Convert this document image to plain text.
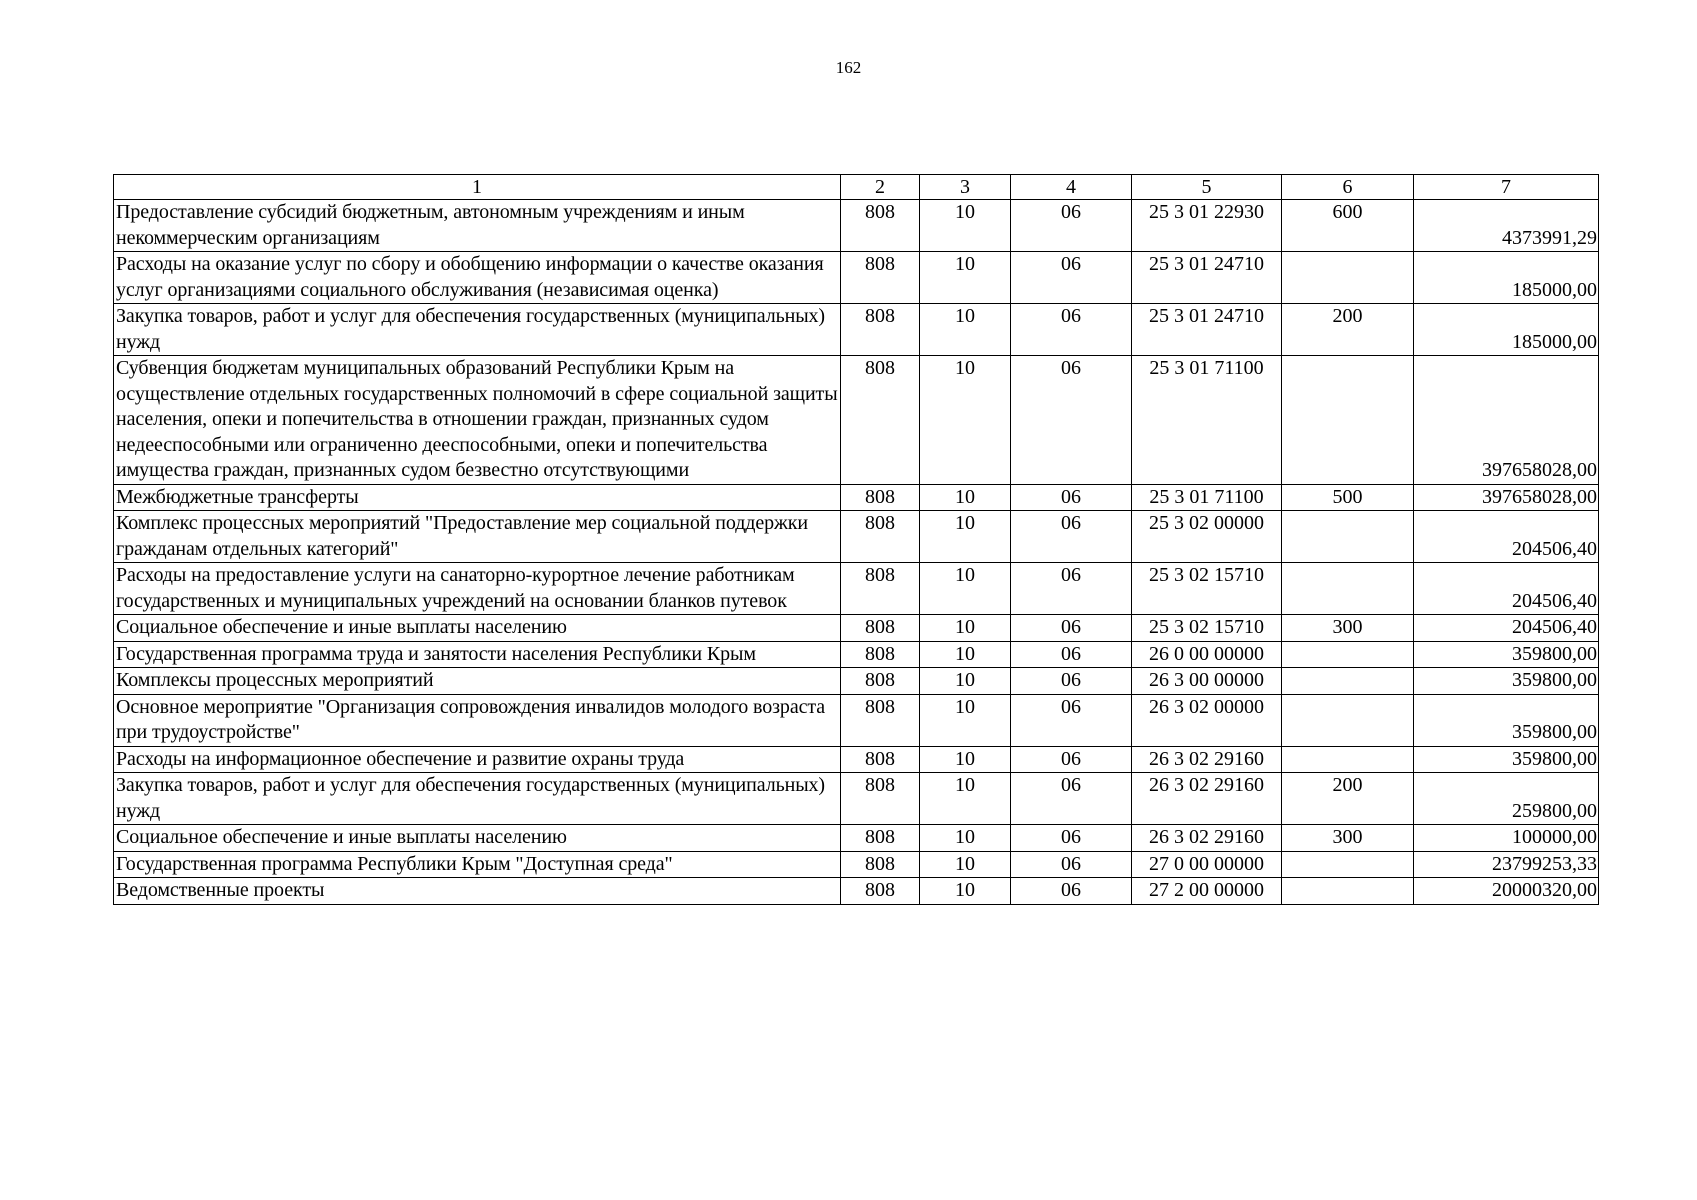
162
1	2	3	4	5	6	7
Предоставление субсидий бюджетным, автономным учреждениям и иным некоммерческим организациям	808	10	06	25 3 01 22930	600	4373991,29
Расходы на оказание услуг по сбору и обобщению информации о качестве оказания услуг организациями социального обслуживания (независимая оценка)	808	10	06	25 3 01 24710		185000,00
Закупка товаров, работ и услуг для обеспечения государственных (муниципальных) нужд	808	10	06	25 3 01 24710	200	185000,00
Субвенция бюджетам муниципальных образований Республики Крым на осуществление отдельных государственных полномочий в сфере социальной защиты населения, опеки и попечительства в отношении граждан, признанных судом недееспособными или ограниченно дееспособными, опеки и попечительства имущества граждан, признанных судом безвестно отсутствующими	808	10	06	25 3 01 71100		397658028,00
Межбюджетные трансферты	808	10	06	25 3 01 71100	500	397658028,00
Комплекс процессных мероприятий "Предоставление мер социальной поддержки гражданам отдельных категорий"	808	10	06	25 3 02 00000		204506,40
Расходы на предоставление услуги на санаторно-курортное лечение работникам государственных и муниципальных учреждений на основании бланков путевок	808	10	06	25 3 02 15710		204506,40
Социальное обеспечение и иные выплаты населению	808	10	06	25 3 02 15710	300	204506,40
Государственная программа труда и занятости населения Республики Крым	808	10	06	26 0 00 00000		359800,00
Комплексы процессных мероприятий	808	10	06	26 3 00 00000		359800,00
Основное мероприятие "Организация сопровождения инвалидов молодого возраста при трудоустройстве"	808	10	06	26 3 02 00000		359800,00
Расходы на информационное обеспечение и развитие охраны труда	808	10	06	26 3 02 29160		359800,00
Закупка товаров, работ и услуг для обеспечения государственных (муниципальных) нужд	808	10	06	26 3 02 29160	200	259800,00
Социальное обеспечение и иные выплаты населению	808	10	06	26 3 02 29160	300	100000,00
Государственная программа Республики Крым "Доступная среда"	808	10	06	27 0 00 00000		23799253,33
Ведомственные проекты	808	10	06	27 2 00 00000		20000320,00
